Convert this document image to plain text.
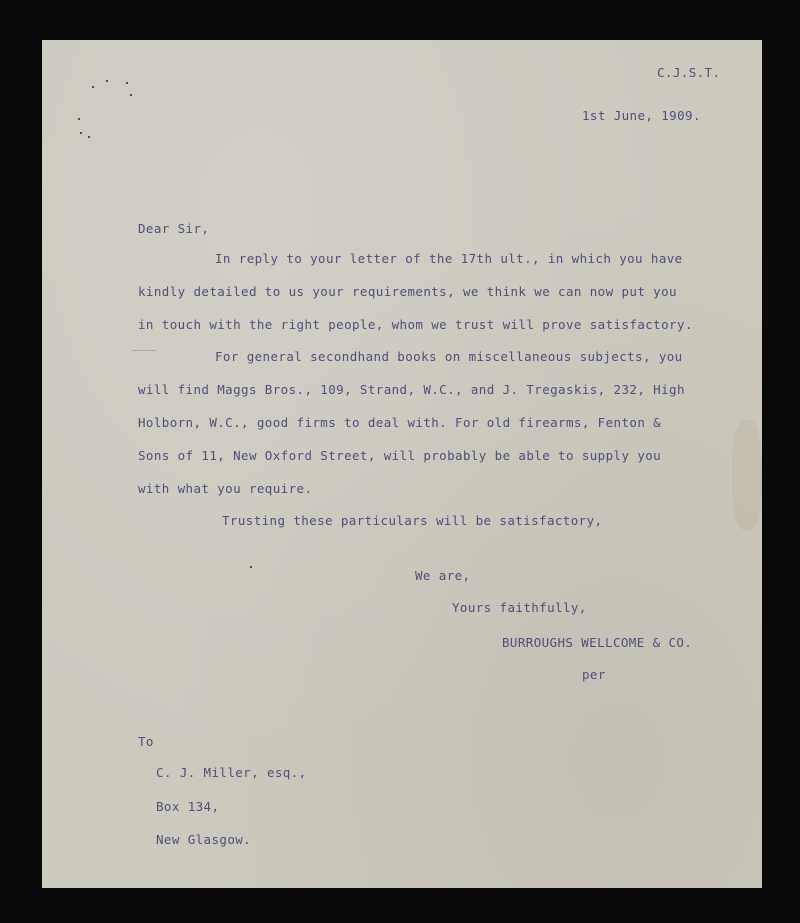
C.J.S.T.
1st June, 1909.
Dear Sir,
In reply to your letter of the 17th ult., in which you have
kindly detailed to us your requirements, we think we can now put you
in touch with the right people, whom we trust will prove satisfactory.
For general secondhand books on miscellaneous subjects, you
will find Maggs Bros., 109, Strand, W.C., and J. Tregaskis, 232, High
Holborn, W.C., good firms to deal with. For old firearms, Fenton &
Sons of 11, New Oxford Street, will probably be able to supply you
with what you require.
Trusting these particulars will be satisfactory,
We are,
Yours faithfully,
BURROUGHS WELLCOME & CO.
per
To
C. J. Miller, esq.,
Box 134,
New Glasgow.
